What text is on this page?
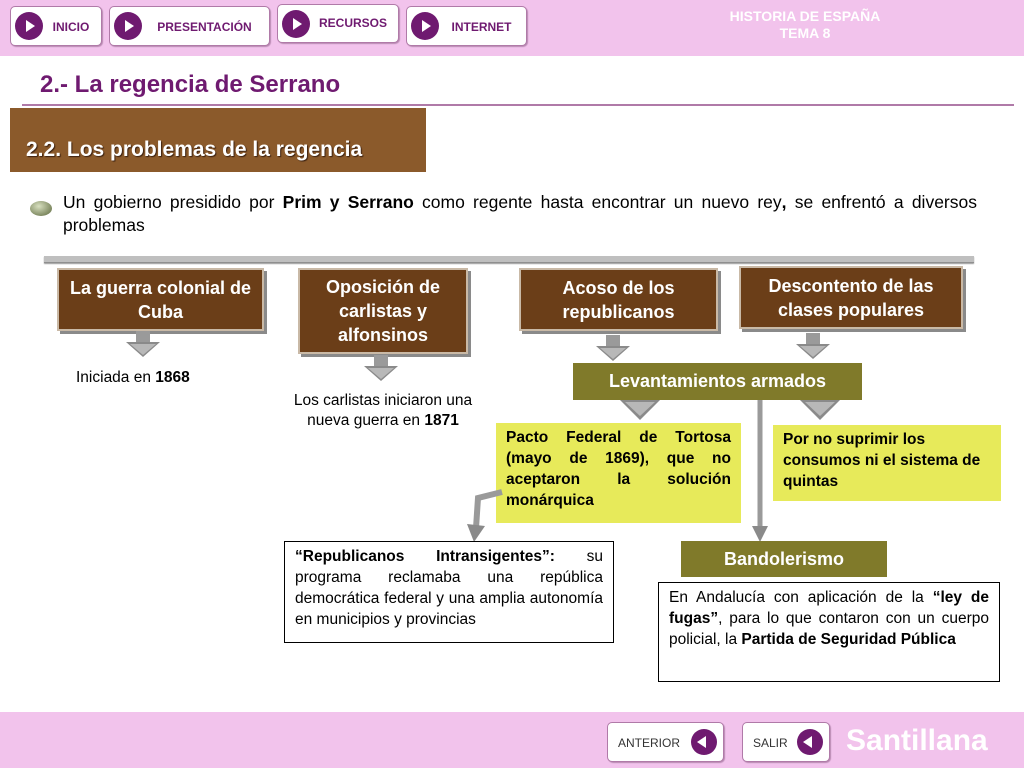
INICIO	PRESENTACIÓN	RECURSOS	INTERNET
HISTORIA DE ESPAÑA
TEMA 8
2.- La regencia de Serrano
2.2. Los problemas de la regencia
Un gobierno presidido por Prim y Serrano como regente hasta encontrar un nuevo rey, se enfrentó a diversos problemas
La guerra colonial de Cuba
Oposición de carlistas y alfonsinos
Acoso de los republicanos
Descontento de las clases populares
Iniciada en 1868
Los carlistas iniciaron una nueva guerra en 1871
Levantamientos armados
Pacto Federal de Tortosa (mayo de 1869), que no aceptaron la solución monárquica
Por no suprimir los consumos ni el sistema de quintas
“Republicanos Intransigentes”: su programa reclamaba una república democrática federal y una amplia autonomía en municipios y provincias
Bandolerismo
En Andalucía con aplicación de la “ley de fugas”, para lo que contaron con un cuerpo policial, la Partida de Seguridad Pública
ANTERIOR	SALIR Santillana
